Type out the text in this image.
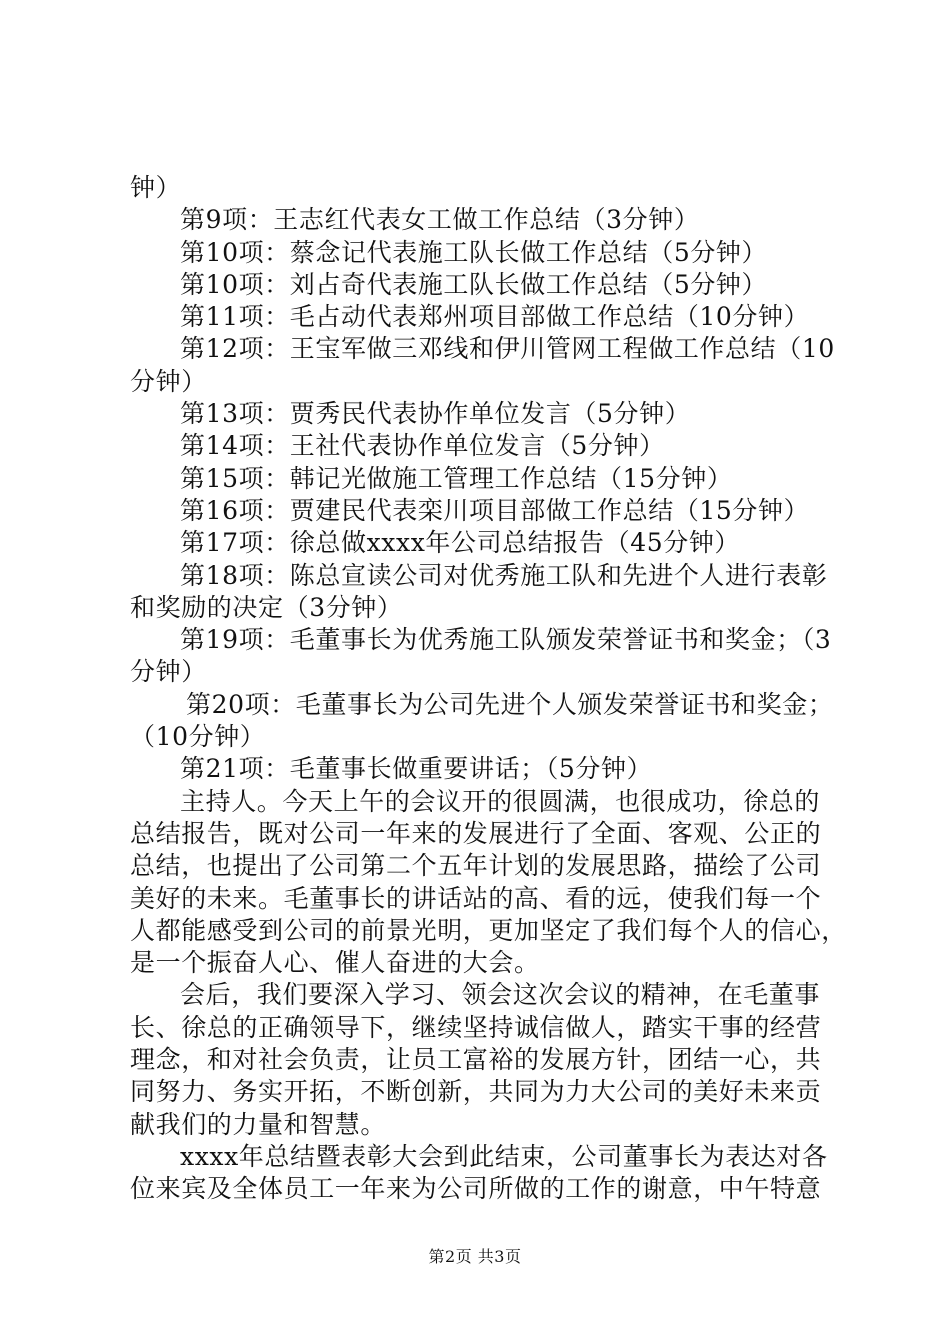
钟）
第9项：王志红代表女工做工作总结（3分钟）
第10项：蔡念记代表施工队长做工作总结（5分钟）
第10项：刘占奇代表施工队长做工作总结（5分钟）
第11项：毛占动代表郑州项目部做工作总结（10分钟）
第12项：王宝军做三邓线和伊川管网工程做工作总结（10
分钟）
第13项：贾秀民代表协作单位发言（5分钟）
第14项：王社代表协作单位发言（5分钟）
第15项：韩记光做施工管理工作总结（15分钟）
第16项：贾建民代表栾川项目部做工作总结（15分钟）
第17项：徐总做xxxx年公司总结报告（45分钟）
第18项：陈总宣读公司对优秀施工队和先进个人进行表彰
和奖励的决定（3分钟）
第19项：毛董事长为优秀施工队颁发荣誉证书和奖金；（3
分钟）
第20项：毛董事长为公司先进个人颁发荣誉证书和奖金；
（10分钟）
第21项：毛董事长做重要讲话；（5分钟）
主持人。今天上午的会议开的很圆满，也很成功，徐总的
总结报告，既对公司一年来的发展进行了全面、客观、公正的
总结，也提出了公司第二个五年计划的发展思路，描绘了公司
美好的未来。毛董事长的讲话站的高、看的远，使我们每一个
人都能感受到公司的前景光明，更加坚定了我们每个人的信心，
是一个振奋人心、催人奋进的大会。
会后，我们要深入学习、领会这次会议的精神，在毛董事
长、徐总的正确领导下，继续坚持诚信做人，踏实干事的经营
理念，和对社会负责，让员工富裕的发展方针，团结一心，共
同努力、务实开拓，不断创新，共同为力大公司的美好未来贡
献我们的力量和智慧。
xxxx年总结暨表彰大会到此结束，公司董事长为表达对各
位来宾及全体员工一年来为公司所做的工作的谢意，中午特意
第2页 共3页
